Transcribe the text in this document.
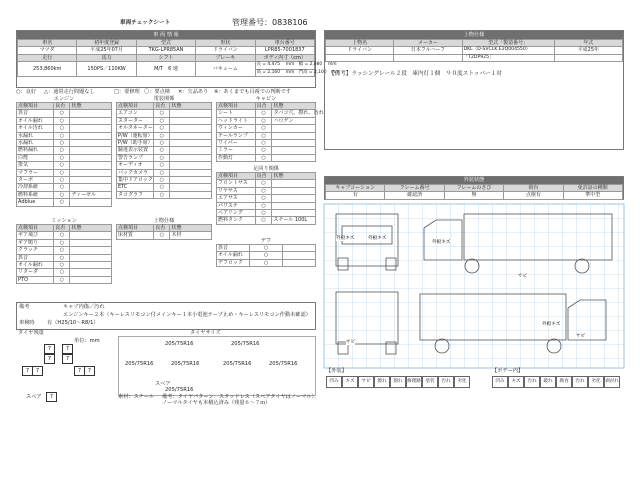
車両チェックシート	管理番号：0838106
車 両 情 報
車名	初年度登録	型式	形状	車台番号
マツダ	平成25年07月	TKG-LPR85AN	ドライバン	LPR85-7001837
走行	馬力	シフト	ブレーキ	ボディ内寸（cm）
253,860km	150PS／110KW	M/T　6 速	バキューム	長 = 4,475　 mm　幅 = 2,080　 mm
				高 = 2,160　 mm　門高 = 2,100　mm
上物仕様
上物名	メーカー	型式「製造番号」	年式
ドライバン	日本フルハーフ	DKL（D-SVCLK E2Q004550）	平成25年
		「T2DP925」	
【備考】ラッシングレール２段　庫内灯１個　９０度ストッパー１対
○：良好 △：通常走行問題なし	□：要修理 〇：要点検 ✕：欠品あり ※：あくまでも目視での判断です
エンジン
点検項目	良否	状態
異音	○	
オイル漏れ	○	
オイル汚れ	○	
水漏れ	○	
水漏れ	○	
燃料漏れ	○	
白煙	○	
排気	○	
マフラー	○	
ターボ	○	
冷却系統	○	
燃料系統	○	ディーゼル
Adblue	○	
ミッション
点検項目	良否	状態
ギア飛び	○	
ギア鳴り	○	
クラッチ	○	
異音	○	
オイル漏れ	○	
リターダ	○	
PTO	○	
電装関係
点検項目	良否	状態
エアコン	○	
スターター	○	
オルタネーター	○	
P/W（運転席）	○	
P/W（助手席）	○	
騒違表示装置	○	
警告ランプ	○	
オーディオ	○	
バックカメラ	○	
集中ドアロック	○	
ETC	○	
タコグラフ	○	
上物仕様
点検項目	良否	状態
床材質	○	木材
キャビン
点検項目	良否	状態
シート	○	タバコ穴、擦れ、汚れ
ヘッドライト	○	ハロゲン
ウィンカー	○	
テールランプ	○	
ワイパー	○	
ミラー	○	
作動灯	○	
足回り関係
点検項目	良否	状態
フロントサス	○	
リヤサス	○	
エアサス	○	
パワステ	○	
ベアリング	○	
燃料タンク	○	スチール 100L
デフ
異音	○	
オイル漏れ	○	
デフロック	○	
備考	キャブ内傷／汚れ
エンジンキー２本（キーレスリモコン付メインキー１本小電池テープ止め・キーレスリモコン作動未確認）
車検時 有（H25/10〜R8/1）
タイヤ残量
単位：mm
タイヤサイズ
7	7
7	7
7	7	7	7
スペア	7
205/75R16	205/75R16
205/75R16	205/75R16	205/75R16	205/75R16
スペア
205/75R16
素材：スチール 備考：タイヤパターン：スタッドレス（スペアタイヤはノーマル）、ノーマルタイヤも本積込済み（残量６〜７ｍ）
外装状態
キャブコーション	フレーム番号	フレームのさび	荷台	免許証の種類
有	確認済	無	点検有	準中型
外板キズ	外板キズ
外板キズ
サビ
外板キズ
サビ
サビ
【外装】	【ボデー内】
凹み	キズ	サビ	擦れ	割れ 修理跡 塗装	汚れ	劣化	凹み	キズ	汚れ	破れ	腐食	汚れ	劣化 剥がれ
